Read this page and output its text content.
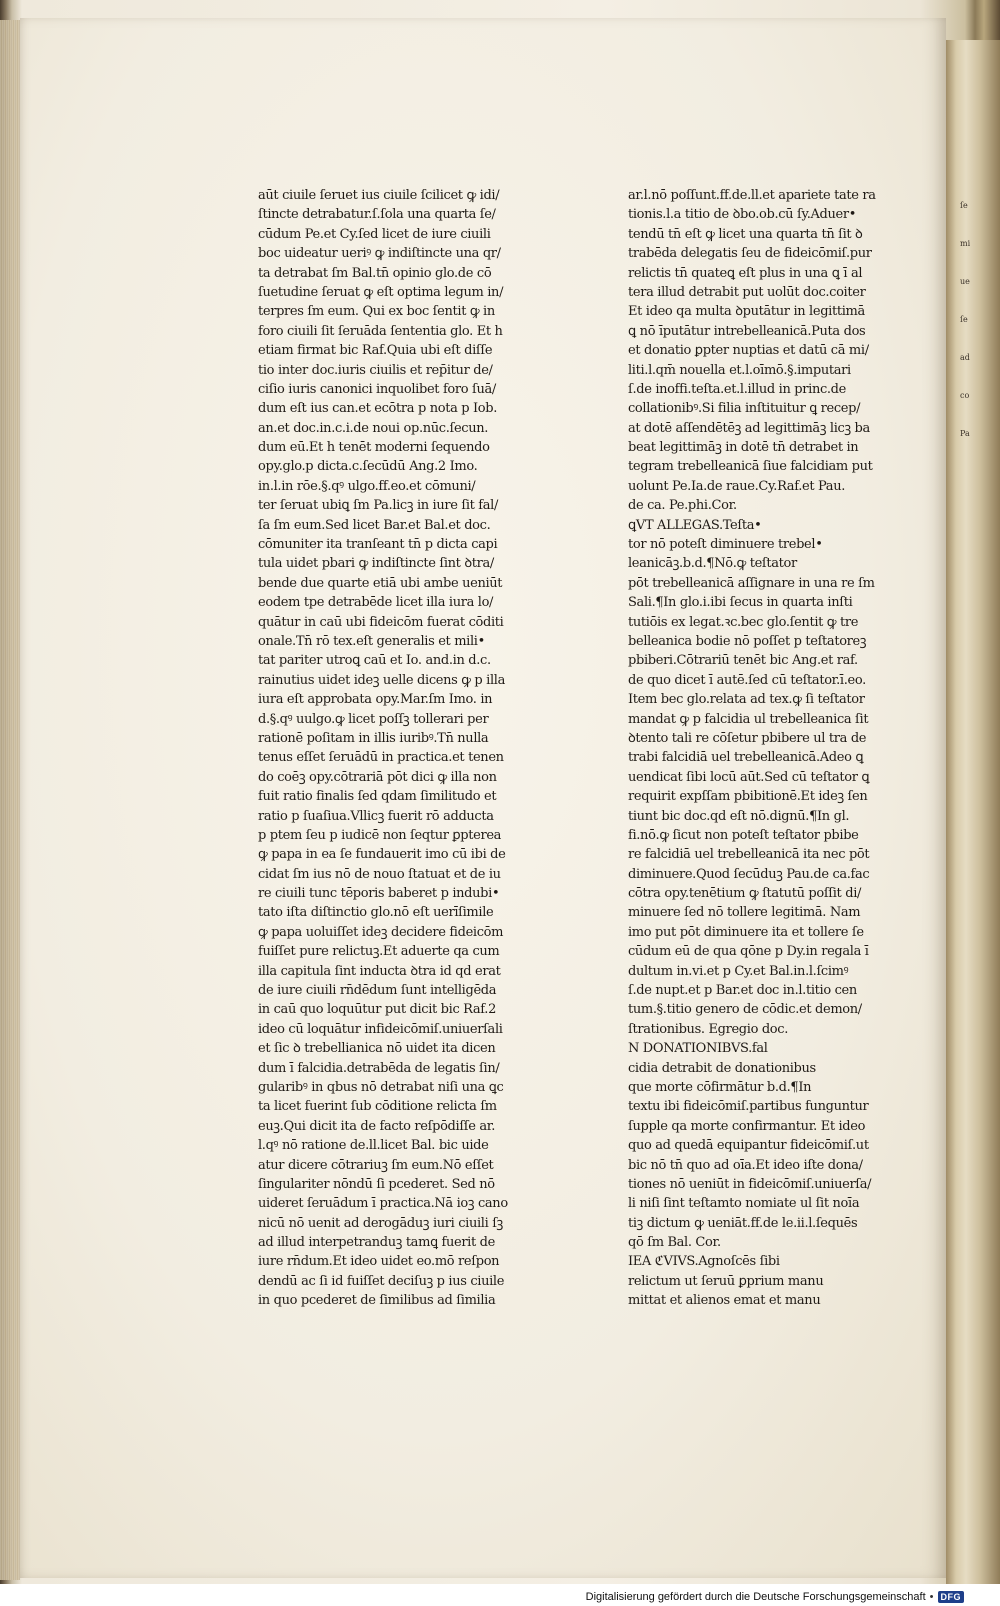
ſe
mi
ue
ſe
ad
co
Pa
aūt ciuile ſeruet ius ciuile ſcilicet ꝙ idi/
ſtincte detrabatur.ſ.ſola una quarta ſe/
cūdum Pe.et Cy.ſed licet de iure ciuili
boc uideatur ueriꝰ ꝙ indiſtincte una qr/
ta detrabat ſm Bal.tn̄ opinio glo.de cō
ſuetudine ſeruat ꝙ eſt optima legum in/
terpres ſm eum. Qui ex boc ſentit ꝙ in
foro ciuili ſit ſeruāda ſententia glo. Et h
etiam firmat bic Raf.Quia ubi eſt diſſe
tio inter doc.iuris ciuilis et rep̄itur de/
ciſio iuris canonici inquolibet foro ſuā/
dum eſt ius can.et ecōtra p nota p Iob.
an.et doc.in.c.i.de noui op.nūc.ſecun.
dum eū.Et h tenēt moderni ſequendo
opy.glo.p dicta.c.ſecūdū Ang.2 Imo.
in.l.in rōe.§.qꝰ ulgo.ff.eo.et cōmuni/
ter ſeruat ubiꝗ ſm Pa.licꝫ in iure ſit fal/
ſa ſm eum.Sed licet Bar.et Bal.et doc.
cōmuniter ita tranſeant tn̄ p dicta capi
tula uidet pbari ꝙ indiſtincte ſint ꝺtra/
bende due quarte etiā ubi ambe ueniūt
eodem tpe detrabēde licet illa iura lo/
quātur in caū ubi fideicōm fuerat cōditi
onale.Tn̄ rō tex.eſt generalis et mili•
tat pariter utroꝗ caū et Io. and.in d.c.
rainutius uidet ideꝫ uelle dicens ꝙ p illa
iura eſt approbata opy.Mar.ſm Imo. in
d.§.qꝰ uulgo.ꝙ licet poſſꝫ tollerari per
rationē poſitam in illis iuribꝰ.Tn̄ nulla
tenus eſſet ſeruādū in practica.et tenen
do coēꝫ opy.cōtrariā pōt dici ꝙ illa non
fuit ratio finalis ſed qdam ſimilitudo et
ratio p ſuaſiua.Vllicꝫ fuerit rō adducta
p ptem ſeu p iudicē non ſeqtur ꝑpterea
ꝙ papa in ea ſe fundauerit imo cū ibi de
cidat ſm ius nō de nouo ſtatuat et de iu
re ciuili tunc tēporis baberet p indubi•
tato iſta diſtinctio glo.nō eſt uerīſimile
ꝙ papa uoluiſſet ideꝫ decidere fideicōm
fuiſſet pure relictuꝫ.Et aduerte qa cum
illa capitula ſint inducta ꝺtra id qd erat
de iure ciuili rn̄dēdum ſunt intelligēda
in caū quo loquūtur put dicit bic Raf.2
ideo cū loquātur infideicōmiſ.uniuerſali
et ſic ꝺ trebellianica nō uidet ita dicen
dum ī falcidia.detrabēda de legatis ſin/
gularibꝰ in qbus nō detrabat niſi una ꝗc
ta licet fuerint ſub cōditione relicta ſm
euꝫ.Qui dicit ita de facto reſpōdiſſe ar.
l.qꝰ nō ratione de.ll.licet Bal. bic uide
atur dicere cōtrariuꝫ ſm eum.Nō eſſet
ſingulariter nōndū ſi pcederet. Sed nō
uideret ſeruādum ī practica.Nā ioꝫ cano
nicū nō uenit ad derogāduꝫ iuri ciuili ſꝫ
ad illud interpetranduꝫ tamꝗ fuerit de
iure rn̄dum.Et ideo uidet eo.mō reſpon
dendū ac ſi id fuiſſet deciſuꝫ p ius ciuile
in quo pcederet de ſimilibus ad ſimilia
ar.l.nō poſſunt.ff.de.ll.et apariete tate ra
tionis.l.a titio de ꝺbo.ob.cū ſy.Aduer•
tendū tn̄ eſt ꝙ licet una quarta tn̄ ſit ꝺ
trabēda delegatis ſeu de fideicōmiſ.pur
relictis tn̄ quateꝗ eſt plus in una ꝗ ī al
tera illud detrabit put uolūt doc.coiter
Et ideo qa multa ꝺputātur in legittimā
ꝗ nō īputātur intrebelleanicā.Puta dos
et donatio ꝑpter nuptias et datū cā mi/
liti.l.qm̄ nouella et.l.oīmō.§.imputari
ſ.de inoffi.teſta.et.l.illud in princ.de
collationibꝰ.Si filia inſtituitur ꝗ recep/
at dotē aſſendētēꝫ ad legittimāꝫ licꝫ ba
beat legittimāꝫ in dotē tn̄ detrabet in
tegram trebelleanicā ſiue falcidiam put
uolunt Pe.Ia.de raue.Cy.Raf.et Pau.
de ca. Pe.phi.Cor.
ꝗVT ALLEGAS.Teſta•
tor nō poteſt diminuere trebel•
leanicāꝫ.b.d.¶Nō.ꝙ teſtator
pōt trebelleanicā aſſignare in una re ſm
Sali.¶In glo.i.ibi ſecus in quarta inſti
tutiōis ex legat.ꝛc.bec glo.ſentit ꝙ tre
belleanica bodie nō poſſet p teſtatoreꝫ
pbiberi.Cōtrariū tenēt bic Ang.et raf.
de quo dicet ī autē.ſed cū teſtator.ī.eo.
Item bec glo.relata ad tex.ꝙ ſi teſtator
mandat ꝙ p falcidia ul trebelleanica ſit
ꝺtento tali re cōſetur pbibere ul tra de
trabi falcidiā uel trebelleanicā.Adeo ꝗ
uendicat ſibi locū aūt.Sed cū teſtator ꝗ
requirit expſſam pbibitionē.Et ideꝫ ſen
tiunt bic doc.qd eſt nō.dignū.¶In gl.
fi.nō.ꝙ ſicut non poteſt teſtator pbibe
re falcidiā uel trebelleanicā ita nec pōt
diminuere.Quod ſecūduꝫ Pau.de ca.fac
cōtra opy.tenētium ꝙ ſtatutū poſſit di/
minuere ſed nō tollere legitimā. Nam
imo put pōt diminuere ita et tollere ſe
cūdum eū de qua qōne p Dy.in regala ī
dultum in.vi.et p Cy.et Bal.in.l.ſcimꝰ
ſ.de nupt.et p Bar.et doc in.l.titio cen
tum.§.titio genero de cōdic.et demon/
ſtrationibus. Egregio doc.
N DONATIONIBVS.fal
cidia detrabit de donationibus
que morte cōfirmātur b.d.¶In
textu ibi fideicōmiſ.partibus funguntur
ſupple qa morte confirmantur. Et ideo
quo ad quedā equipantur fideicōmiſ.ut
bic nō tn̄ quo ad oīa.Et ideo iſte dona/
tiones nō ueniūt in fideicōmiſ.uniuerſa/
li niſi ſint teſtamto nomiate ul ſit noīa
tiꝫ dictum ꝙ ueniāt.ff.de le.ii.l.ſequēs
qō ſm Bal. Cor.
IEA ℭVIVS.Agnoſcēs ſibi
relictum ut ſeruū ꝑprium manu
mittat et alienos emat et manu
Digitalisierung gefördert durch die Deutsche Forschungsgemeinschaft • DFG
